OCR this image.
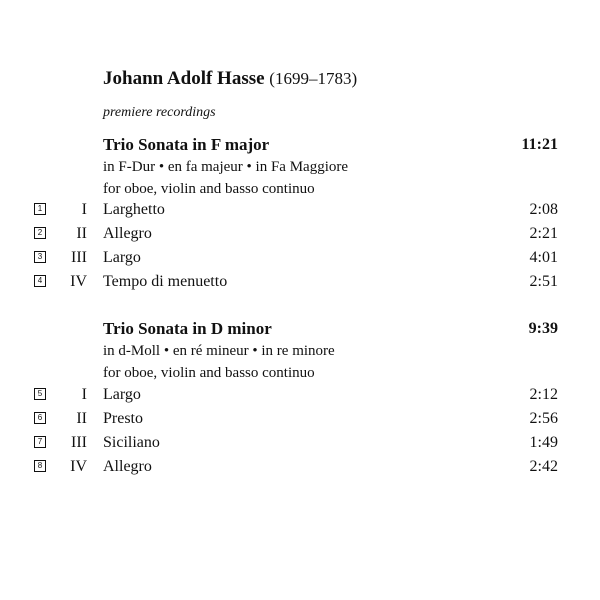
Johann Adolf Hasse (1699–1783)
premiere recordings
Trio Sonata in F major	11:21
in F-Dur • en fa majeur • in Fa Maggiore
for oboe, violin and basso continuo
1	I Larghetto	2:08
2	II Allegro	2:21
3	III Largo	4:01
4	IV Tempo di menuetto	2:51
Trio Sonata in D minor	9:39
in d-Moll • en ré mineur • in re minore
for oboe, violin and basso continuo
5	I Largo	2:12
6	II Presto	2:56
7	III Siciliano	1:49
8	IV Allegro	2:42
